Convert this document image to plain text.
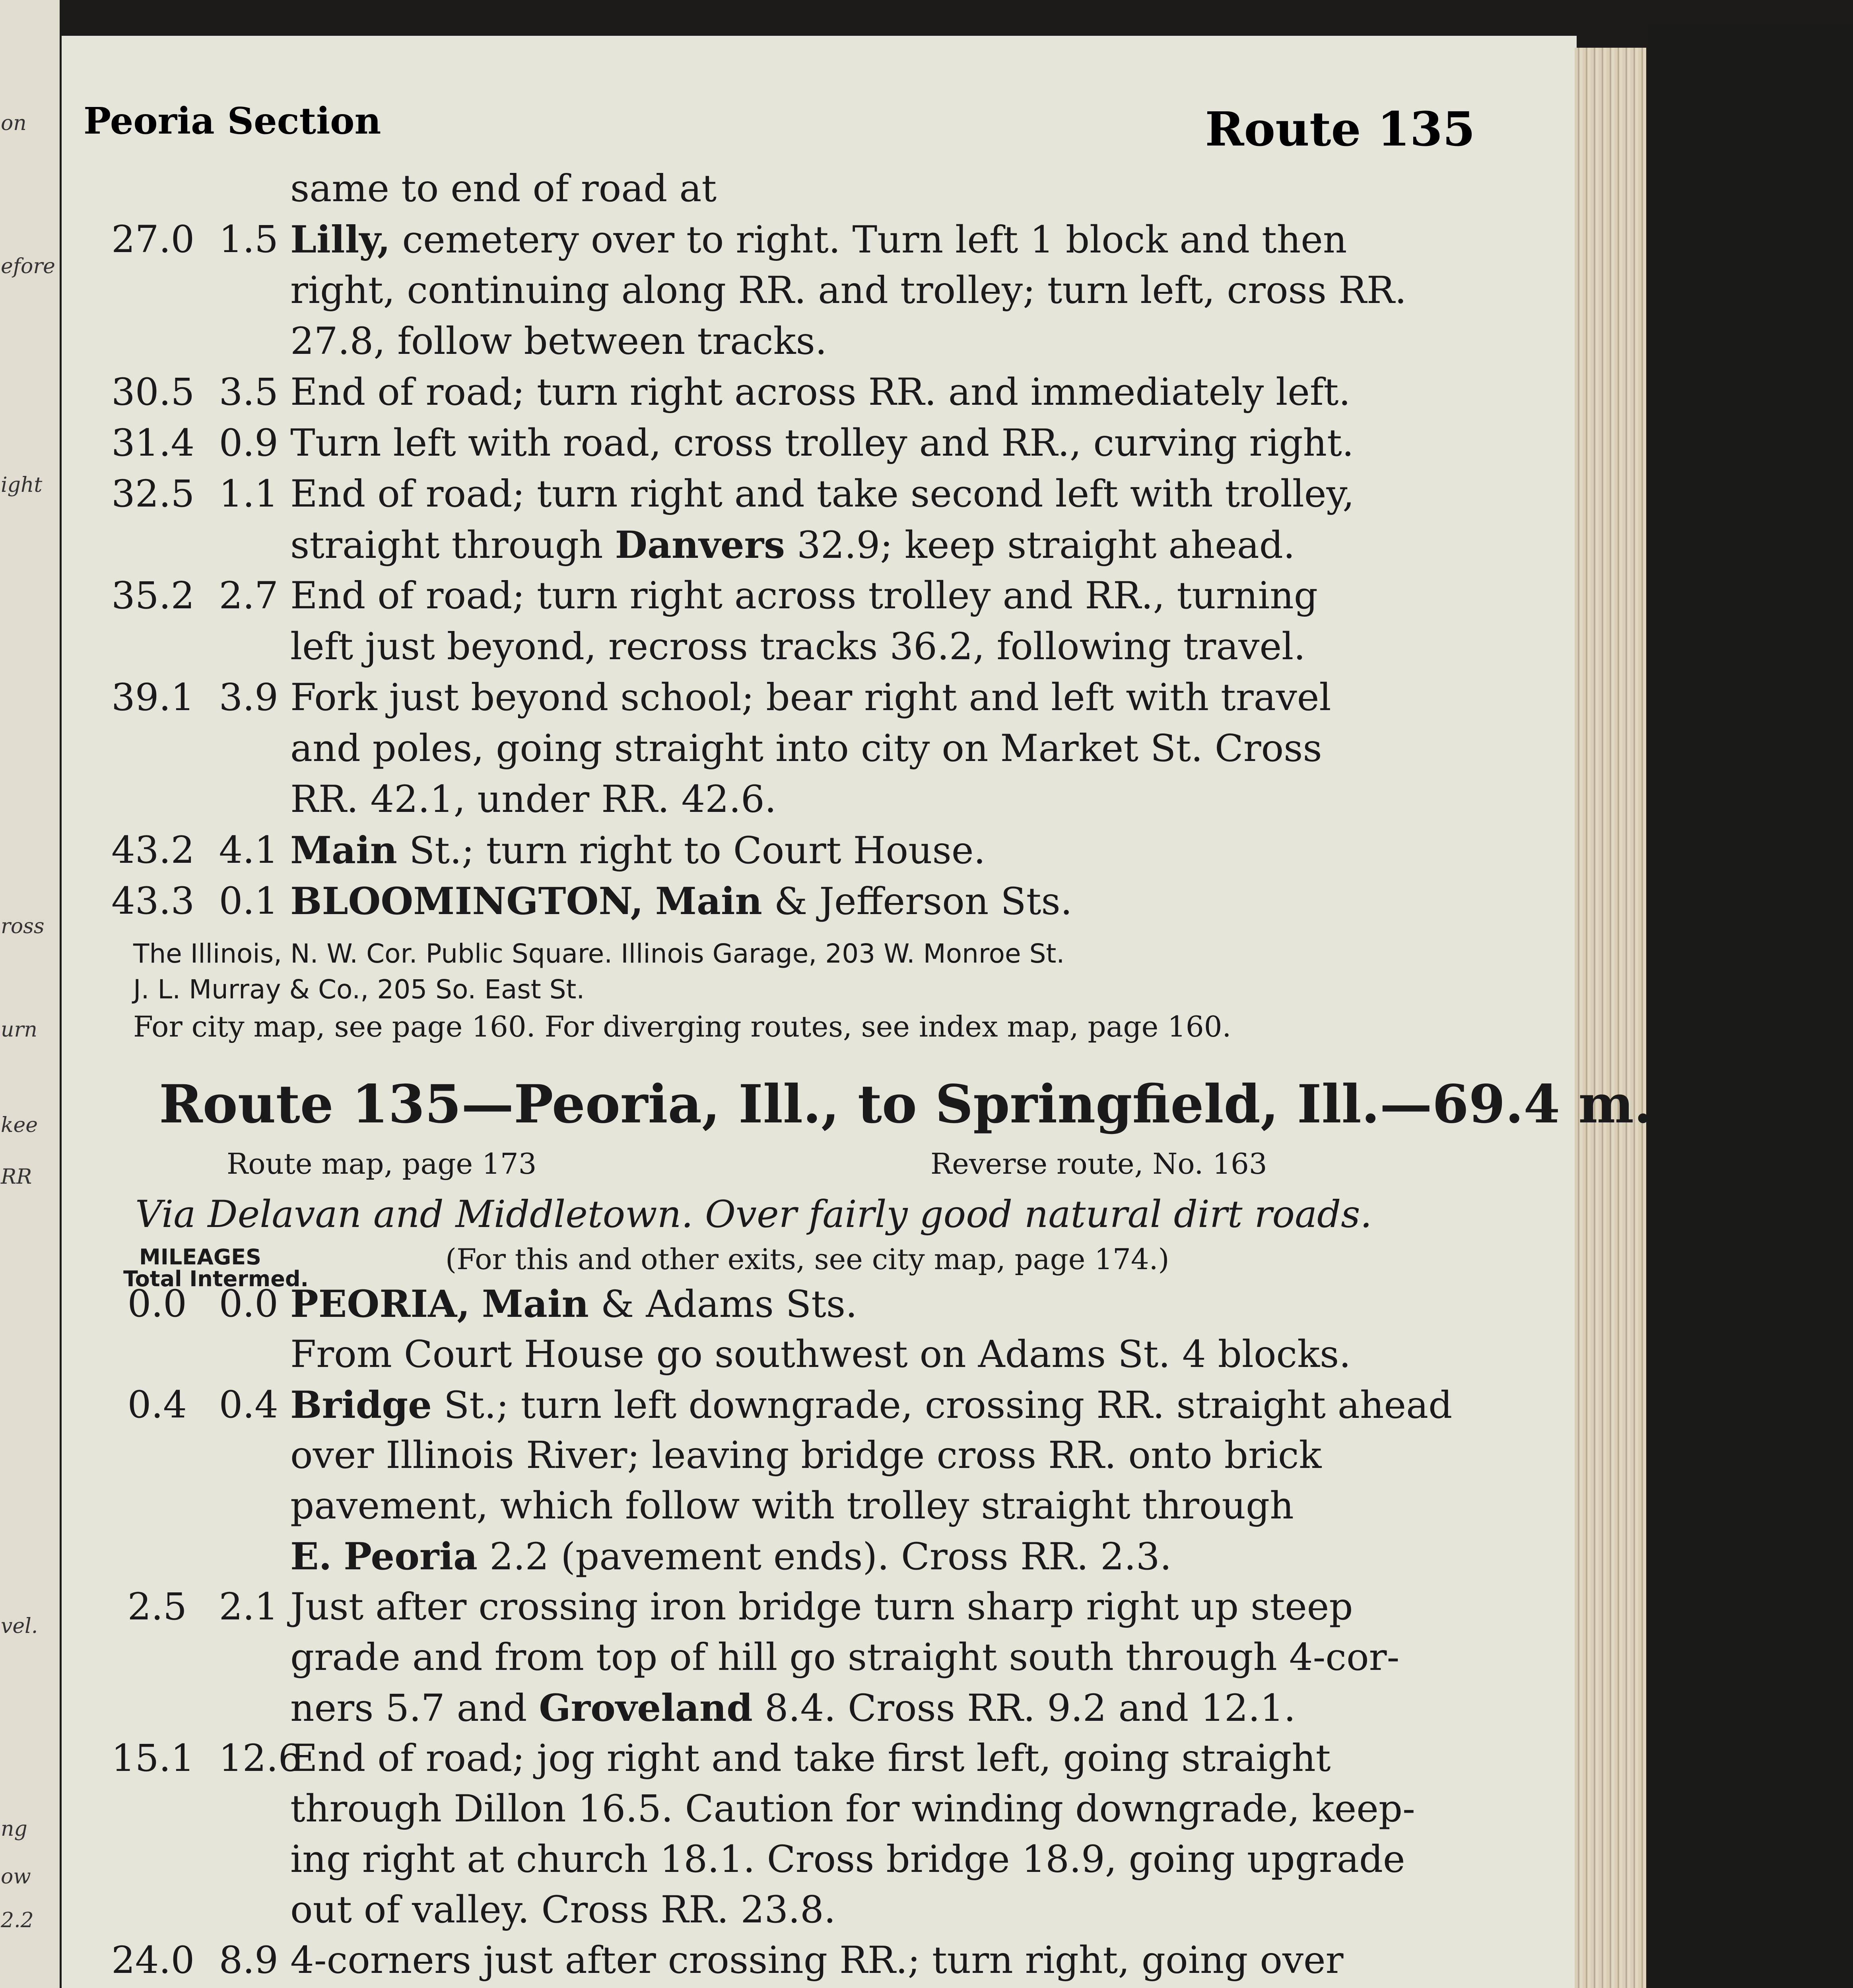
on
efore
ight
ross
urn
kee
RR
vel.
ng
ow
2.2
Peoria Section	Route 135
same to end of road at
27.0 1.5 Lilly, cemetery over to right. Turn left 1 block and then
right, continuing along RR. and trolley; turn left, cross RR.
27.8, follow between tracks.
30.5 3.5 End of road; turn right across RR. and immediately left.
31.4 0.9 Turn left with road, cross trolley and RR., curving right.
32.5 1.1 End of road; turn right and take second left with trolley,
straight through Danvers 32.9; keep straight ahead.
35.2 2.7 End of road; turn right across trolley and RR., turning
left just beyond, recross tracks 36.2, following travel.
39.1 3.9 Fork just beyond school; bear right and left with travel
and poles, going straight into city on Market St. Cross
RR. 42.1, under RR. 42.6.
43.2 4.1 Main St.; turn right to Court House.
43.3 0.1 BLOOMINGTON, Main & Jefferson Sts.
The Illinois, N. W. Cor. Public Square. Illinois Garage, 203 W. Monroe St.
J. L. Murray & Co., 205 So. East St.
For city map, see page 160. For diverging routes, see index map, page 160.
Route 135—Peoria, Ill., to Springfield, Ill.—69.4 m.
Route map, page 173	Reverse route, No. 163
Via Delavan and Middletown. Over fairly good natural dirt roads.
MILEAGES
Total Intermed.
(For this and other exits, see city map, page 174.)
0.0 0.0 PEORIA, Main & Adams Sts.
From Court House go southwest on Adams St. 4 blocks.
0.4 0.4 Bridge St.; turn left downgrade, crossing RR. straight ahead
over Illinois River; leaving bridge cross RR. onto brick
pavement, which follow with trolley straight through
E. Peoria 2.2 (pavement ends). Cross RR. 2.3.
2.5 2.1 Just after crossing iron bridge turn sharp right up steep
grade and from top of hill go straight south through 4-cor-
ners 5.7 and Groveland 8.4. Cross RR. 9.2 and 12.1.
15.1 12.6
End of road; jog right and take first left, going straight
through Dillon 16.5. Caution for winding downgrade, keep-
ing right at church 18.1. Cross bridge 18.9, going upgrade
out of valley. Cross RR. 23.8.
24.0 8.9 4-corners just after crossing RR.; turn right, going over
